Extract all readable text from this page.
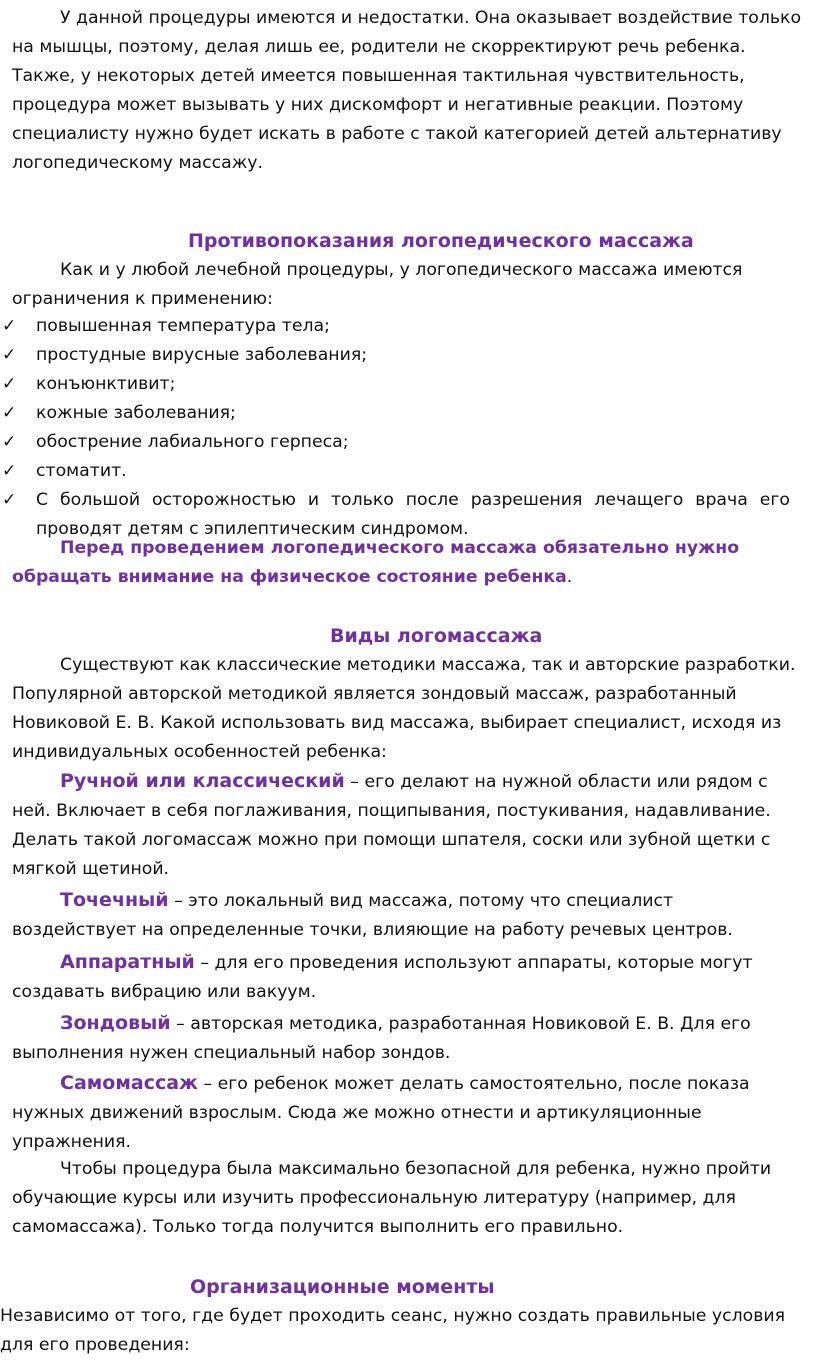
У данной процедуры имеются и недостатки. Она оказывает воздействие только на мышцы, поэтому, делая лишь ее, родители не скорректируют речь ребенка. Также, у некоторых детей имеется повышенная тактильная чувствительность, процедура может вызывать у них дискомфорт и негативные реакции. Поэтому специалисту нужно будет искать в работе с такой категорией детей альтернативу логопедическому массажу.

Противопоказания логопедического массажа

Как и у любой лечебной процедуры, у логопедического массажа имеются ограничения к применению:

✓ повышенная температура тела;
✓ простудные вирусные заболевания;
✓ конъюнктивит;
✓ кожные заболевания;
✓ обострение лабиального герпеса;
✓ стоматит.
✓ С большой осторожностью и только после разрешения лечащего врача его проводят детям с эпилептическим синдромом.

Перед проведением логопедического массажа обязательно нужно обращать внимание на физическое состояние ребенка.

Виды логомассажа

Существуют как классические методики массажа, так и авторские разработки. Популярной авторской методикой является зондовый массаж, разработанный Новиковой Е. В. Какой использовать вид массажа, выбирает специалист, исходя из индивидуальных особенностей ребенка:

Ручной или классический – его делают на нужной области или рядом с ней. Включает в себя поглаживания, пощипывания, постукивания, надавливание. Делать такой логомассаж можно при помощи шпателя, соски или зубной щетки с мягкой щетиной.

Точечный – это локальный вид массажа, потому что специалист воздействует на определенные точки, влияющие на работу речевых центров.

Аппаратный – для его проведения используют аппараты, которые могут создавать вибрацию или вакуум.

Зондовый – авторская методика, разработанная Новиковой Е. В. Для его выполнения нужен специальный набор зондов.

Самомассаж – его ребенок может делать самостоятельно, после показа нужных движений взрослым. Сюда же можно отнести и артикуляционные упражнения.

Чтобы процедура была максимально безопасной для ребенка, нужно пройти обучающие курсы или изучить профессиональную литературу (например, для самомассажа). Только тогда получится выполнить его правильно.

Организационные моменты

Независимо от того, где будет проходить сеанс, нужно создать правильные условия для его проведения:
